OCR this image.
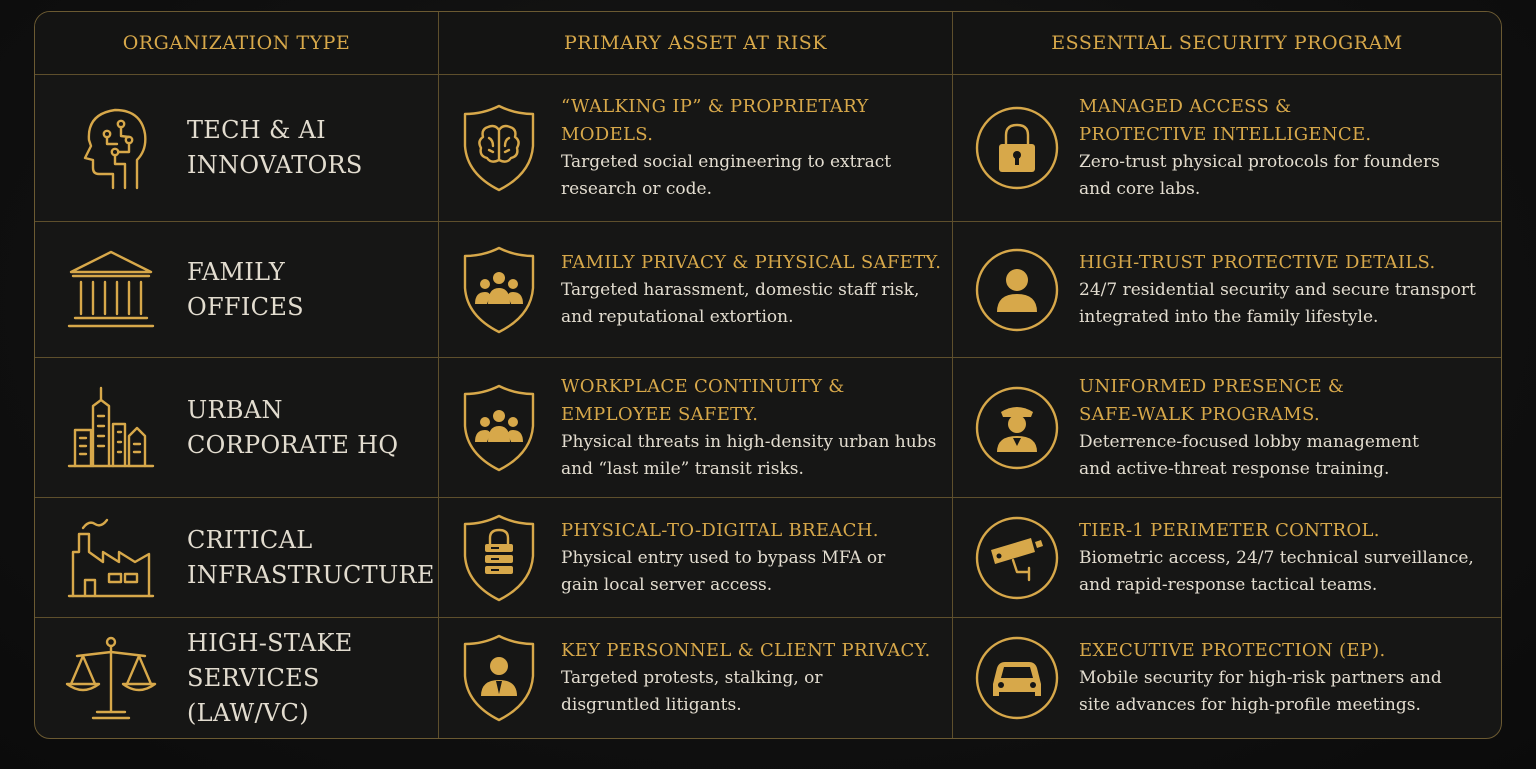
ORGANIZATION TYPE	PRIMARY ASSET AT RISK	ESSENTIAL SECURITY PROGRAM
TECH & AI
INNOVATORS
“WALKING IP” & PROPRIETARY MODELS.
Targeted social engineering to extract
research or code.
MANAGED ACCESS &
PROTECTIVE INTELLIGENCE.
Zero-trust physical protocols for founders
and core labs.
FAMILY
OFFICES
FAMILY PRIVACY & PHYSICAL SAFETY.
Targeted harassment, domestic staff risk,
and reputational extortion.
HIGH-TRUST PROTECTIVE DETAILS.
24/7 residential security and secure transport
integrated into the family lifestyle.
URBAN
CORPORATE HQ
WORKPLACE CONTINUITY &
EMPLOYEE SAFETY.
Physical threats in high-density urban hubs
and “last mile” transit risks.
UNIFORMED PRESENCE &
SAFE-WALK PROGRAMS.
Deterrence-focused lobby management
and active-threat response training.
CRITICAL
INFRASTRUCTURE
PHYSICAL-TO-DIGITAL BREACH.
Physical entry used to bypass MFA or
gain local server access.
TIER-1 PERIMETER CONTROL.
Biometric access, 24/7 technical surveillance,
and rapid-response tactical teams.
HIGH-STAKE
SERVICES
(LAW/VC)
KEY PERSONNEL & CLIENT PRIVACY.
Targeted protests, stalking, or
disgruntled litigants.
EXECUTIVE PROTECTION (EP).
Mobile security for high-risk partners and
site advances for high-profile meetings.
